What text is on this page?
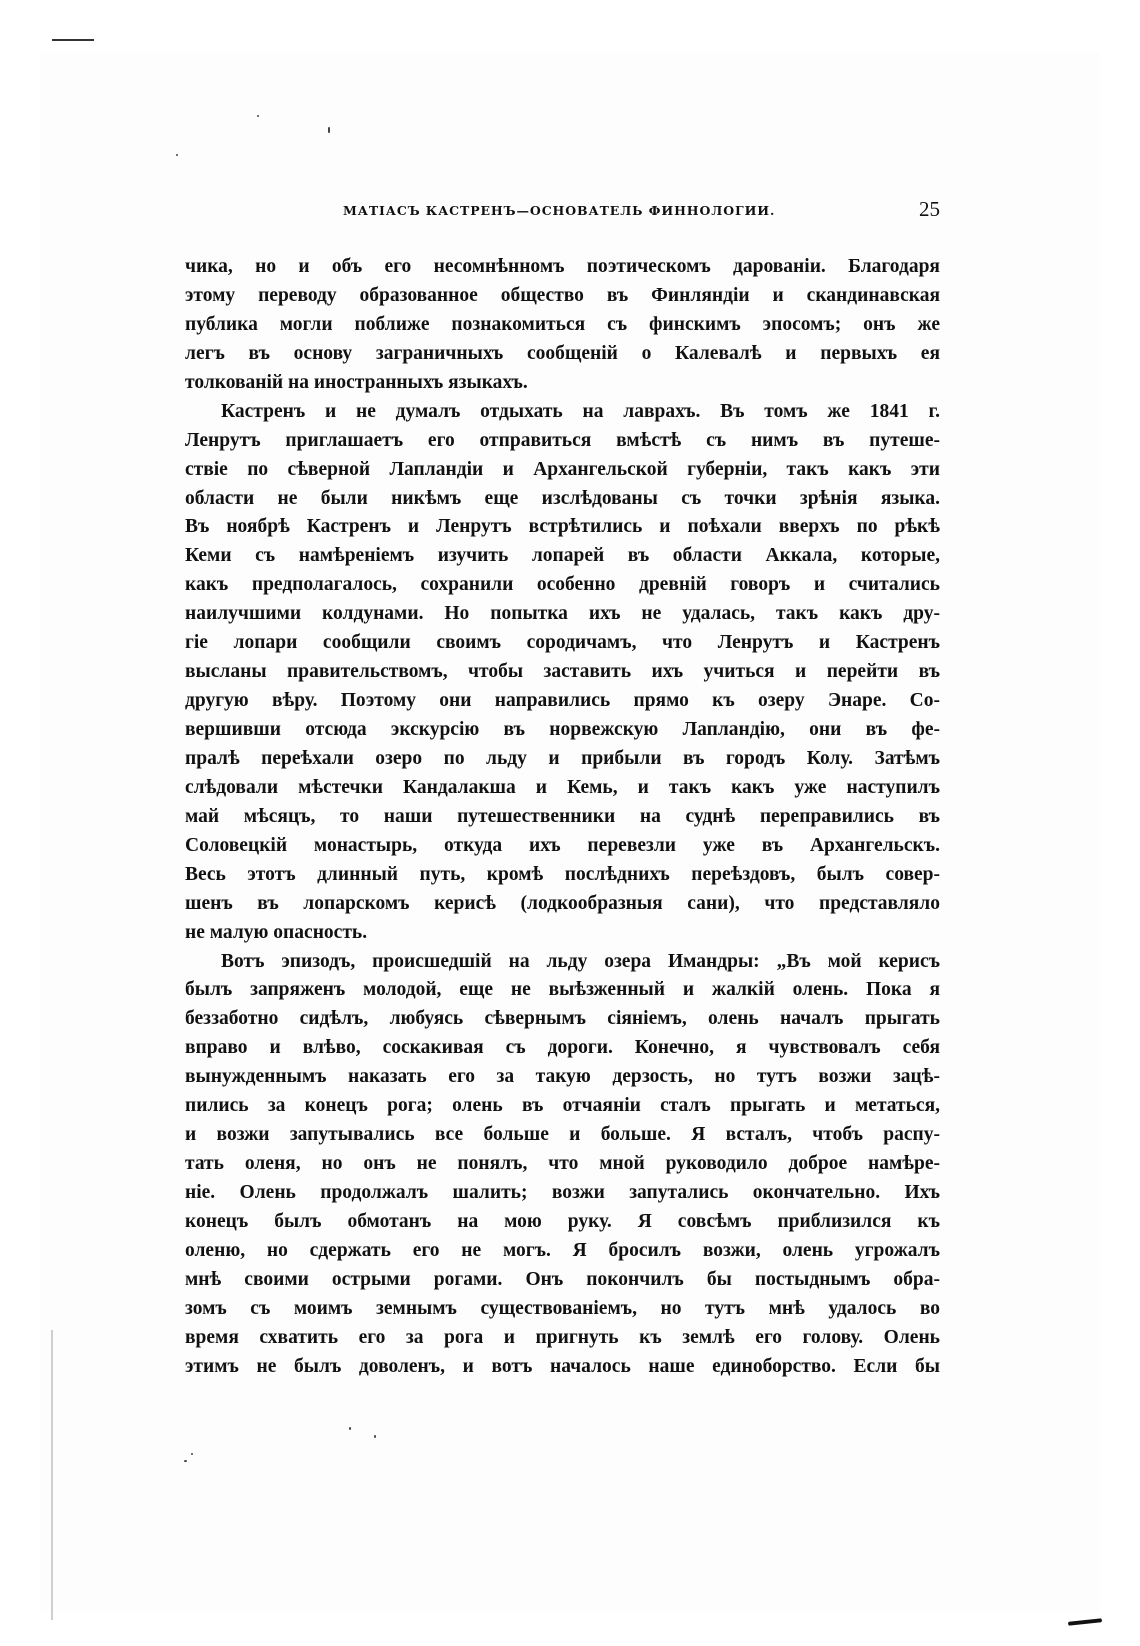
МАТІАСЪ КАСТРЕНЪ—ОСНОВАТЕЛЬ ФИННОЛОГИИ.	25
чика, но и объ его несомнѣнномъ поэтическомъ дарованіи. Благодаря
этому переводу образованное общество въ Финляндіи и скандинавская
публика могли поближе познакомиться съ финскимъ эпосомъ; онъ же
легъ въ основу заграничныхъ сообщеній о Калевалѣ и первыхъ ея
толкованій на иностранныхъ языкахъ.
Кастренъ и не думалъ отдыхать на лаврахъ. Въ томъ же 1841 г.
Ленрутъ приглашаетъ его отправиться вмѣстѣ съ нимъ въ путеше-
ствіе по сѣверной Лапландіи и Архангельской губерніи, такъ какъ эти
области не были никѣмъ еще изслѣдованы съ точки зрѣнія языка.
Въ ноябрѣ Кастренъ и Ленрутъ встрѣтились и поѣхали вверхъ по рѣкѣ
Кеми съ намѣреніемъ изучить лопарей въ области Аккала, которые,
какъ предполагалось, сохранили особенно древній говоръ и считались
наилучшими колдунами. Но попытка ихъ не удалась, такъ какъ дру-
гіе лопари сообщили своимъ сородичамъ, что Ленрутъ и Кастренъ
высланы правительствомъ, чтобы заставить ихъ учиться и перейти въ
другую вѣру. Поэтому они направились прямо къ озеру Энаре. Со-
вершивши отсюда экскурсію въ норвежскую Лапландію, они въ фе-
пралѣ переѣхали озеро по льду и прибыли въ городъ Колу. Затѣмъ
слѣдовали мѣстечки Кандалакша и Кемь, и такъ какъ уже наступилъ
май мѣсяцъ, то наши путешественники на суднѣ переправились въ
Соловецкій монастырь, откуда ихъ перевезли уже въ Архангельскъ.
Весь этотъ длинный путь, кромѣ послѣднихъ переѣздовъ, былъ совер-
шенъ въ лопарскомъ керисѣ (лодкообразныя сани), что представляло
не малую опасность.
Вотъ эпизодъ, происшедшій на льду озера Имандры: „Въ мой керисъ
былъ запряженъ молодой, еще не выѣзженный и жалкій олень. Пока я
беззаботно сидѣлъ, любуясь сѣвернымъ сіяніемъ, олень началъ прыгать
вправо и влѣво, соскакивая съ дороги. Конечно, я чувствовалъ себя
вынужденнымъ наказать его за такую дерзость, но тутъ возжи зацѣ-
пились за конецъ рога; олень въ отчаяніи сталъ прыгать и метаться,
и возжи запутывались все больше и больше. Я всталъ, чтобъ распу-
тать оленя, но онъ не понялъ, что мной руководило доброе намѣре-
ніе. Олень продолжалъ шалить; возжи запутались окончательно. Ихъ
конецъ былъ обмотанъ на мою руку. Я совсѣмъ приблизился къ
оленю, но сдержать его не могъ. Я бросилъ возжи, олень угрожалъ
мнѣ своими острыми рогами. Онъ покончилъ бы постыднымъ обра-
зомъ съ моимъ земнымъ существованіемъ, но тутъ мнѣ удалось во
время схватить его за рога и пригнуть къ землѣ его голову. Олень
этимъ не былъ доволенъ, и вотъ началось наше единоборство. Если бы
